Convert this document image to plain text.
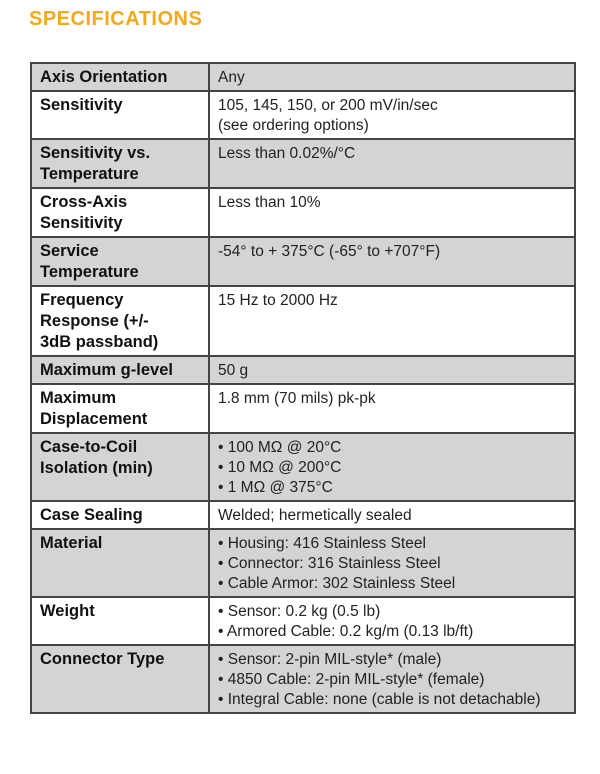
SPECIFICATIONS
Axis Orientation	Any

Sensitivity	105, 145, 150, or 200 mV/in/sec
(see ordering options)

Sensitivity vs.
Temperature	Less than 0.02%/°C

Cross-Axis
Sensitivity	Less than 10%

Service
Temperature	-54° to + 375°C (-65° to +707°F)

Frequency
Response (+/-
3dB passband)	15 Hz to 2000 Hz

Maximum g-level	50 g

Maximum
Displacement	1.8 mm (70 mils) pk-pk

Case-to-Coil
Isolation (min)	• 100 MΩ @ 20°C
• 10 MΩ @ 200°C
• 1 MΩ @ 375°C

Case Sealing	Welded; hermetically sealed

Material	• Housing: 416 Stainless Steel
• Connector: 316 Stainless Steel
• Cable Armor: 302 Stainless Steel

Weight	• Sensor: 0.2 kg (0.5 lb)
• Armored Cable: 0.2 kg/m (0.13 lb/ft)

Connector Type	• Sensor: 2-pin MIL-style* (male)
• 4850 Cable: 2-pin MIL-style* (female)
• Integral Cable: none (cable is not detachable)
